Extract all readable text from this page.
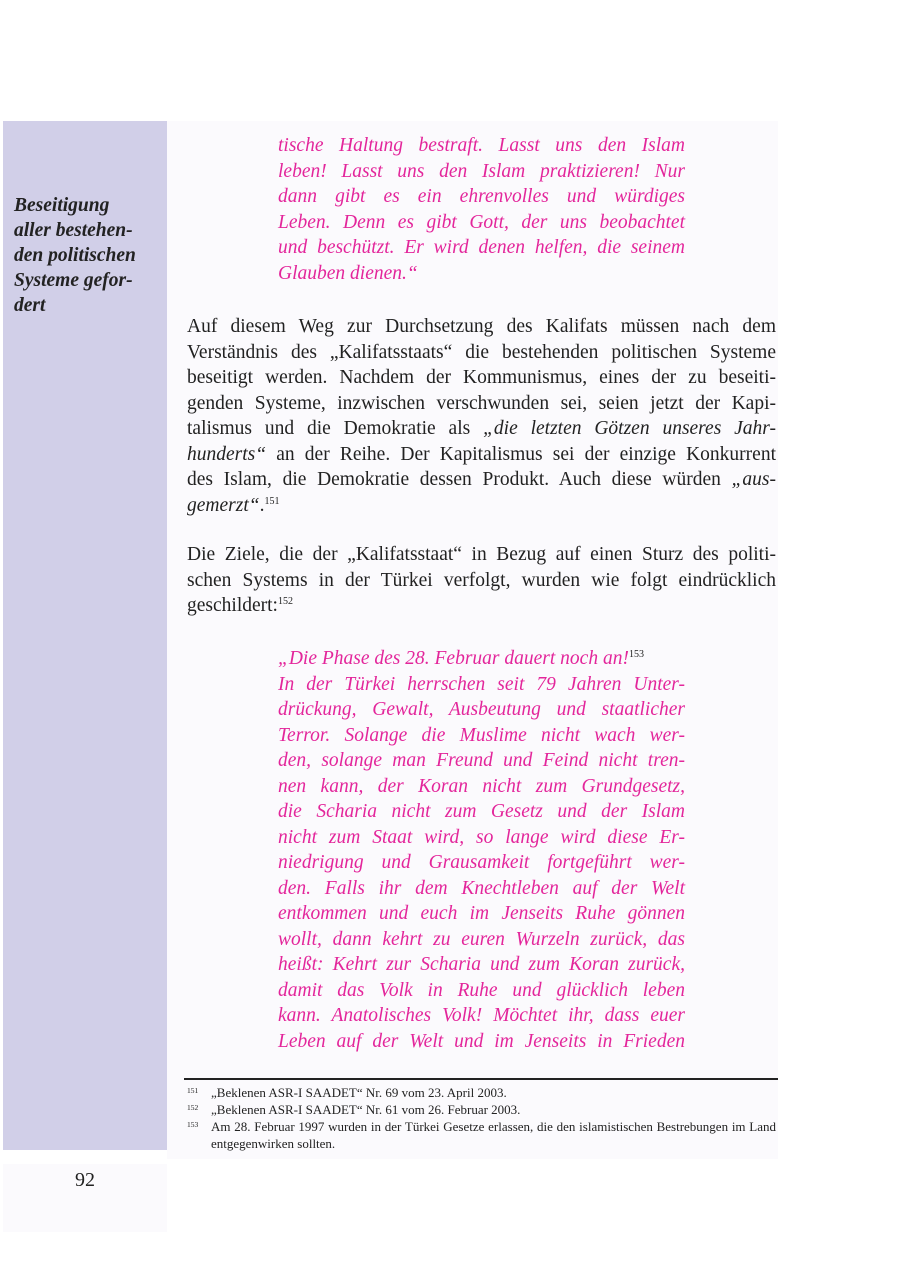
Beseitigung
aller bestehen-
den politischen
Systeme gefor-
dert
tische Haltung bestraft. Lasst uns den Islam
leben! Lasst uns den Islam praktizieren! Nur
dann gibt es ein ehrenvolles und würdiges
Leben. Denn es gibt Gott, der uns beobachtet
und beschützt. Er wird denen helfen, die seinem
Glauben dienen.“
Auf diesem Weg zur Durchsetzung des Kalifats müssen nach dem
Verständnis des „Kalifatsstaats“ die bestehenden politischen Systeme
beseitigt werden. Nachdem der Kommunismus, eines der zu beseiti-
genden Systeme, inzwischen verschwunden sei, seien jetzt der Kapi-
talismus und die Demokratie als „die letzten Götzen unseres Jahr-
hunderts“ an der Reihe. Der Kapitalismus sei der einzige Konkurrent
des Islam, die Demokratie dessen Produkt. Auch diese würden „aus-
gemerzt“.$^{151}$
Die Ziele, die der „Kalifatsstaat“ in Bezug auf einen Sturz des politi-
schen Systems in der Türkei verfolgt, wurden wie folgt eindrücklich
geschildert:$^{152}$
„Die Phase des 28. Februar dauert noch an!$^{153}$
In der Türkei herrschen seit 79 Jahren Unter-
drückung, Gewalt, Ausbeutung und staatlicher
Terror. Solange die Muslime nicht wach wer-
den, solange man Freund und Feind nicht tren-
nen kann, der Koran nicht zum Grundgesetz,
die Scharia nicht zum Gesetz und der Islam
nicht zum Staat wird, so lange wird diese Er-
niedrigung und Grausamkeit fortgeführt wer-
den. Falls ihr dem Knechtleben auf der Welt
entkommen und euch im Jenseits Ruhe gönnen
wollt, dann kehrt zu euren Wurzeln zurück, das
heißt: Kehrt zur Scharia und zum Koran zurück,
damit das Volk in Ruhe und glücklich leben
kann. Anatolisches Volk! Möchtet ihr, dass euer
Leben auf der Welt und im Jenseits in Frieden
151 „Beklenen ASR-I SAADET“ Nr. 69 vom 23. April 2003.
152 „Beklenen ASR-I SAADET“ Nr. 61 vom 26. Februar 2003.
153 Am 28. Februar 1997 wurden in der Türkei Gesetze erlassen, die den islamistischen Bestrebungen im Land entgegenwirken sollten.
92
